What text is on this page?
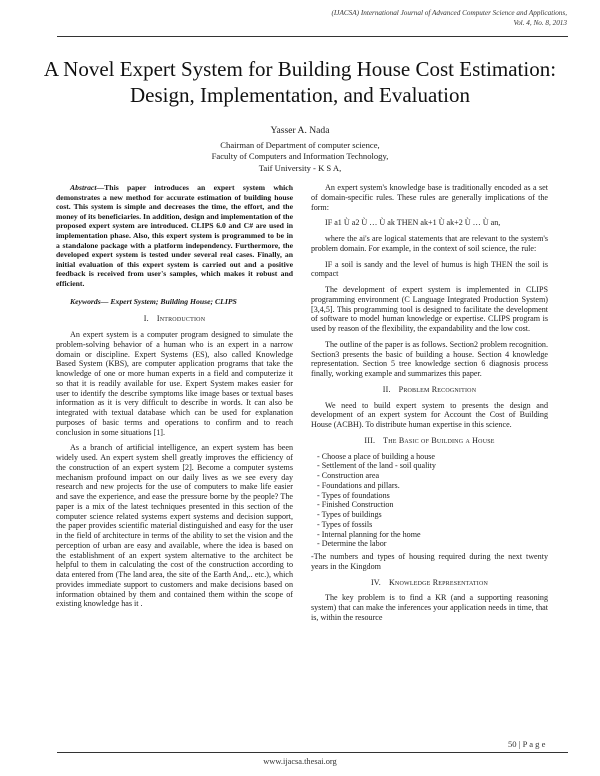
(IJACSA) International Journal of Advanced Computer Science and Applications,
Vol. 4, No. 8, 2013
A Novel Expert System for Building House Cost Estimation: Design, Implementation, and Evaluation
Yasser A. Nada
Chairman of Department of computer science,
Faculty of Computers and Information Technology,
Taif University - K S A,
Abstract—This paper introduces an expert system which demonstrates a new method for accurate estimation of building house cost. This system is simple and decreases the time, the effort, and the money of its beneficiaries. In addition, design and implementation of the proposed expert system are introduced. CLIPS 6.0 and C# are used in implementation phase. Also, this expert system is programmed to be in a standalone package with a platform independency. Furthermore, the developed expert system is tested under several real cases. Finally, an initial evaluation of this expert system is carried out and a positive feedback is received from user's samples, which makes it robust and efficient.
Keywords— Expert System; Building House; CLIPS
I. Introduction
An expert system is a computer program designed to simulate the problem-solving behavior of a human who is an expert in a narrow domain or discipline. Expert Systems (ES), also called Knowledge Based System (KBS), are computer application programs that take the knowledge of one or more human experts in a field and computerize it so that it is readily available for use. Expert System makes easier for user to identify the describe symptoms like image bases or textual bases information as it is very difficult to describe in words. It can also be integrated with textual database which can be used for explanation purposes of basic terms and operations to confirm and to reach conclusion in some situations [1].
As a branch of artificial intelligence, an expert system has been widely used. An expert system shell greatly improves the efficiency of the construction of an expert system [2]. Become a computer systems mechanism profound impact on our daily lives as we see every day research and new projects for the use of computers to make life easier and save the experience, and ease the pressure borne by the people? The paper is a mix of the latest techniques presented in this section of the computer science related systems expert systems and decision support, the paper provides scientific material distinguished and easy for the user in the field of architecture in terms of the ability to set the vision and the perception of urban are easy and available, where the idea is based on the establishment of an expert system alternative to the architect be helpful to them in calculating the cost of the construction according to data entered from (The land area, the site of the Earth And,.. etc.), which provides immediate support to customers and make decisions based on information obtained by them and contained them within the scope of existing knowledge has it .
An expert system's knowledge base is traditionally encoded as a set of domain-specific rules. These rules are generally implications of the form:
IF a1 Ù a2 Ù … Ù ak THEN ak+1 Ù ak+2 Ù … Ù an,
where the ai's are logical statements that are relevant to the system's problem domain. For example, in the context of soil science, the rule:
IF a soil is sandy and the level of humus is high THEN the soil is compact
The development of expert system is implemented in CLIPS programming environment (C Language Integrated Production System) [3,4,5]. This programming tool is designed to facilitate the development of software to model human knowledge or expertise. CLIPS program is used by reason of the flexibility, the expandability and the low cost.
The outline of the paper is as follows. Section2 problem recognition. Section3 presents the basic of building a house. Section 4 knowledge representation. Section 5 tree knowledge section 6 diagnosis process finally, working example and summarizes this paper.
II. Problem Recognition
We need to build expert system to presents the design and development of an expert system for Account the Cost of Building House (ACBH). To distribute human expertise in this science.
III. The Basic of Building a House
- Choose a place of building a house
- Settlement of the land - soil quality
- Construction area
- Foundations and pillars.
- Types of foundations
- Finished Construction
- Types of buildings
- Types of fossils
- Internal planning for the home
- Determine the labor
-The numbers and types of housing required during the next twenty years in the Kingdom
IV. Knowledge Representation
The key problem is to find a KR (and a supporting reasoning system) that can make the inferences your application needs in time, that is, within the resource
50 | P a g e
www.ijacsa.thesai.org
